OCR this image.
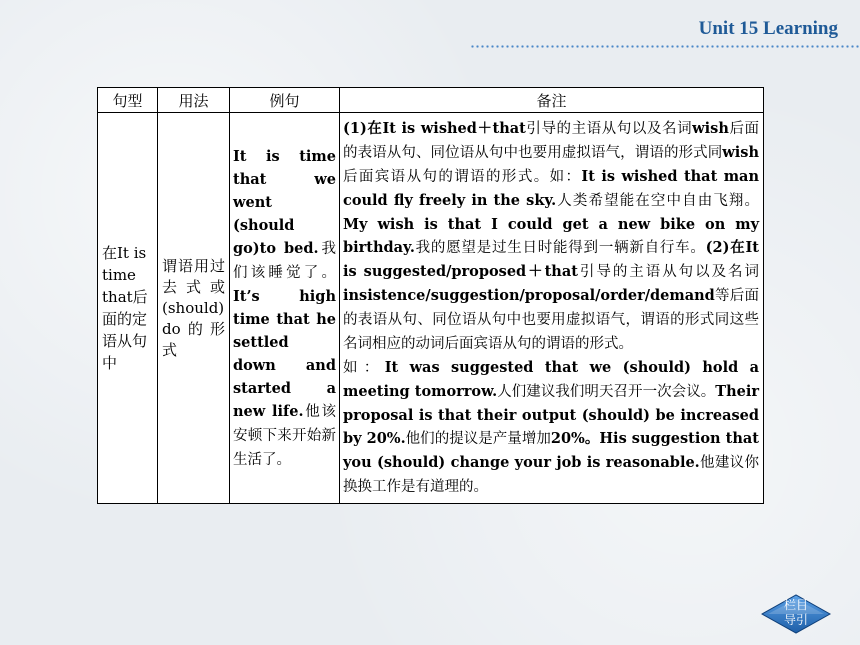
Unit 15 Learning
句型	用法	例句	备注
在It is time that后面的定语从句中	谓语用过去式或(should) do的形式	It is time that we went (should go)to bed.我们该睡觉了。It’s high time that he settled down and started a new life.他该安顿下来开始新生活了。	(1)在It is wished＋that引导的主语从句以及名词wish后面的表语从句、同位语从句中也要用虚拟语气，谓语的形式同wish后面宾语从句的谓语的形式。如：It is wished that man could fly freely in the sky.人类希望能在空中自由飞翔。My wish is that I could get a new bike on my birthday.我的愿望是过生日时能得到一辆新自行车。(2)在It is suggested/proposed＋that引导的主语从句以及名词insistence/suggestion/proposal/order/demand等后面的表语从句、同位语从句中也要用虚拟语气，谓语的形式同这些名词相应的动词后面宾语从句的谓语的形式。
如：It was suggested that we (should) hold a meeting tomorrow.人们建议我们明天召开一次会议。Their proposal is that their output (should) be increased by 20%.他们的提议是产量增加20%。His suggestion that you (should) change your job is reasonable.他建议你换换工作是有道理的。
栏目
导引
